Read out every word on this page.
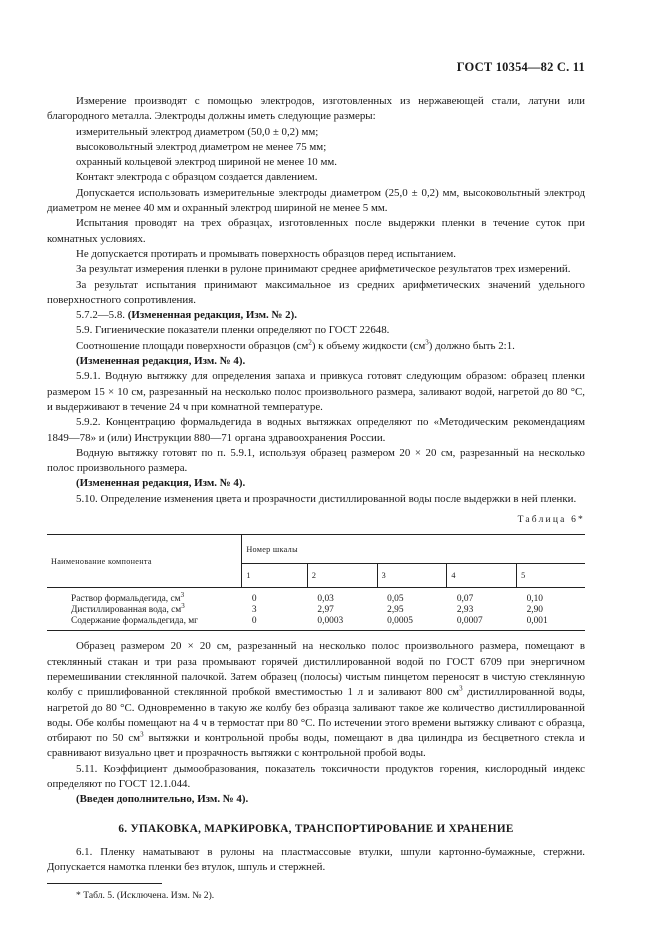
ГОСТ 10354—82 С. 11

Измерение производят с помощью электродов, изготовленных из нержавеющей стали, латуни или благородного металла. Электроды должны иметь следующие размеры:

измерительный электрод диаметром (50,0 ± 0,2) мм;

высоковольтный электрод диаметром не менее 75 мм;

охранный кольцевой электрод шириной не менее 10 мм.

Контакт электрода с образцом создается давлением.

Допускается использовать измерительные электроды диаметром (25,0 ± 0,2) мм, высоковольтный электрод диаметром не менее 40 мм и охранный электрод шириной не менее 5 мм.

Испытания проводят на трех образцах, изготовленных после выдержки пленки в течение суток при комнатных условиях.

Не допускается протирать и промывать поверхность образцов перед испытанием.

За результат измерения пленки в рулоне принимают среднее арифметическое результатов трех измерений.

За результат испытания принимают максимальное из средних арифметических значений удельного поверхностного сопротивления.

5.7.2—5.8. (Измененная редакция, Изм. № 2).

5.9. Гигиенические показатели пленки определяют по ГОСТ 22648.

Соотношение площади поверхности образцов $(см^2)$ к объему жидкости $(см^3)$ должно быть 2:1.

(Измененная редакция, Изм. № 4).

5.9.1. Водную вытяжку для определения запаха и привкуса готовят следующим образом: образец пленки размером 15 × 10 см, разрезанный на несколько полос произвольного размера, заливают водой, нагретой до 80 °С, и выдерживают в течение 24 ч при комнатной температуре.

5.9.2. Концентрацию формальдегида в водных вытяжках определяют по «Методическим рекомендациям 1849—78» и (или) Инструкции 880—71 органа здравоохранения России.

Водную вытяжку готовят по п. 5.9.1, используя образец размером 20 × 20 см, разрезанный на несколько полос произвольного размера.

(Измененная редакция, Изм. № 4).

5.10. Определение изменения цвета и прозрачности дистиллированной воды после выдержки в ней пленки.

Таблица 6*
Наименование компонента	Номер шкалы				
	1	2	3	4	5
Раствор формальдегида, $см^3$	0	0,03	0,05	0,07	0,10
Дистиллированная вода, $см^3$	3	2,97	2,95	2,93	2,90
Содержание формальдегида, мг	0	0,0003	0,0005	0,0007	0,001

Образец размером 20 × 20 см, разрезанный на несколько полос произвольного размера, помещают в стеклянный стакан и три раза промывают горячей дистиллированной водой по ГОСТ 6709 при энергичном перемешивании стеклянной палочкой. Затем образец (полосы) чистым пинцетом переносят в чистую стеклянную колбу с пришлифованной стеклянной пробкой вместимостью 1 л и заливают 800 $см^3$ дистиллированной воды, нагретой до 80 °С. Одновременно в такую же колбу без образца заливают такое же количество дистиллированной воды. Обе колбы помещают на 4 ч в термостат при 80 °С. По истечении этого времени вытяжку сливают с образца, отбирают по 50 $см^3$ вытяжки и контрольной пробы воды, помещают в два цилиндра из бесцветного стекла и сравнивают визуально цвет и прозрачность вытяжки с контрольной пробой воды.

5.11. Коэффициент дымообразования, показатель токсичности продуктов горения, кислородный индекс определяют по ГОСТ 12.1.044.

(Введен дополнительно, Изм. № 4).

6. УПАКОВКА, МАРКИРОВКА, ТРАНСПОРТИРОВАНИЕ И ХРАНЕНИЕ

6.1. Пленку наматывают в рулоны на пластмассовые втулки, шпули картонно-бумажные, стержни. Допускается намотка пленки без втулок, шпуль и стержней.

* Табл. 5. (Исключена. Изм. № 2).
